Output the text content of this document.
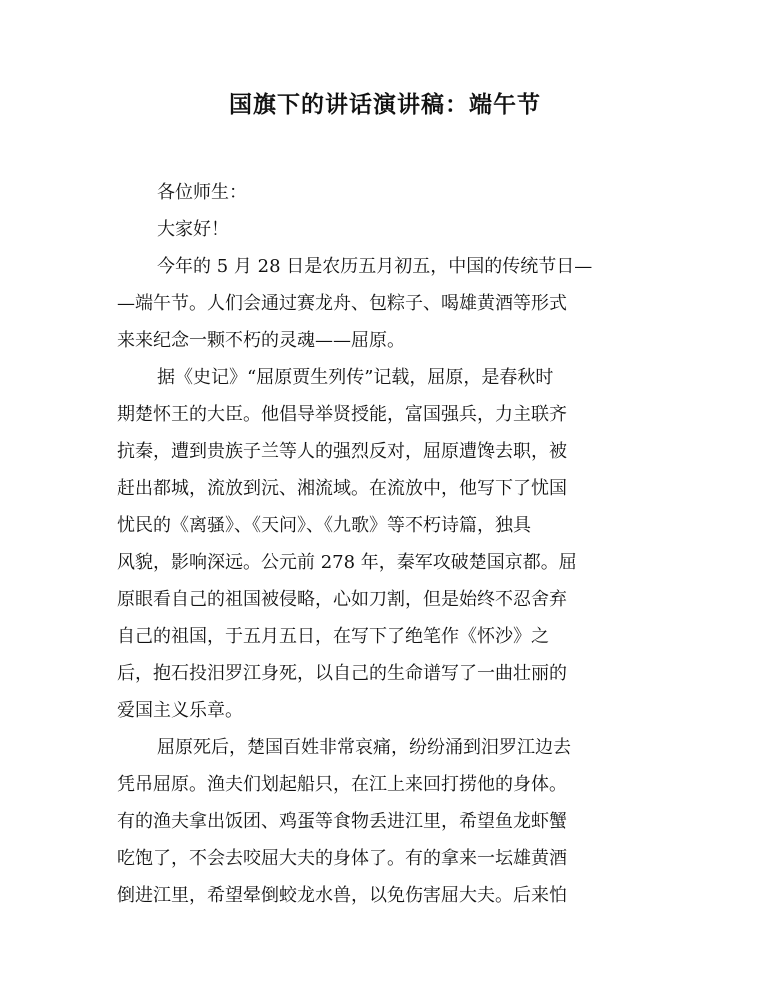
国旗下的讲话演讲稿：端午节
各位师生：
大家好！
今年的 5 月 28 日是农历五月初五，中国的传统节日—
—端午节。人们会通过赛龙舟、包粽子、喝雄黄酒等形式
来来纪念一颗不朽的灵魂——屈原。
据《史记》“屈原贾生列传”记载，屈原，是春秋时
期楚怀王的大臣。他倡导举贤授能，富国强兵，力主联齐
抗秦，遭到贵族子兰等人的强烈反对，屈原遭馋去职，被
赶出都城，流放到沅、湘流域。在流放中，他写下了忧国
忧民的《离骚》、《天问》、《九歌》等不朽诗篇，独具
风貌，影响深远。公元前 278 年，秦军攻破楚国京都。屈
原眼看自己的祖国被侵略，心如刀割，但是始终不忍舍弃
自己的祖国，于五月五日，在写下了绝笔作《怀沙》之
后，抱石投汨罗江身死，以自己的生命谱写了一曲壮丽的
爱国主义乐章。
屈原死后，楚国百姓非常哀痛，纷纷涌到汨罗江边去
凭吊屈原。渔夫们划起船只，在江上来回打捞他的身体。
有的渔夫拿出饭团、鸡蛋等食物丢进江里，希望鱼龙虾蟹
吃饱了，不会去咬屈大夫的身体了。有的拿来一坛雄黄酒
倒进江里，希望晕倒蛟龙水兽，以免伤害屈大夫。后来怕
